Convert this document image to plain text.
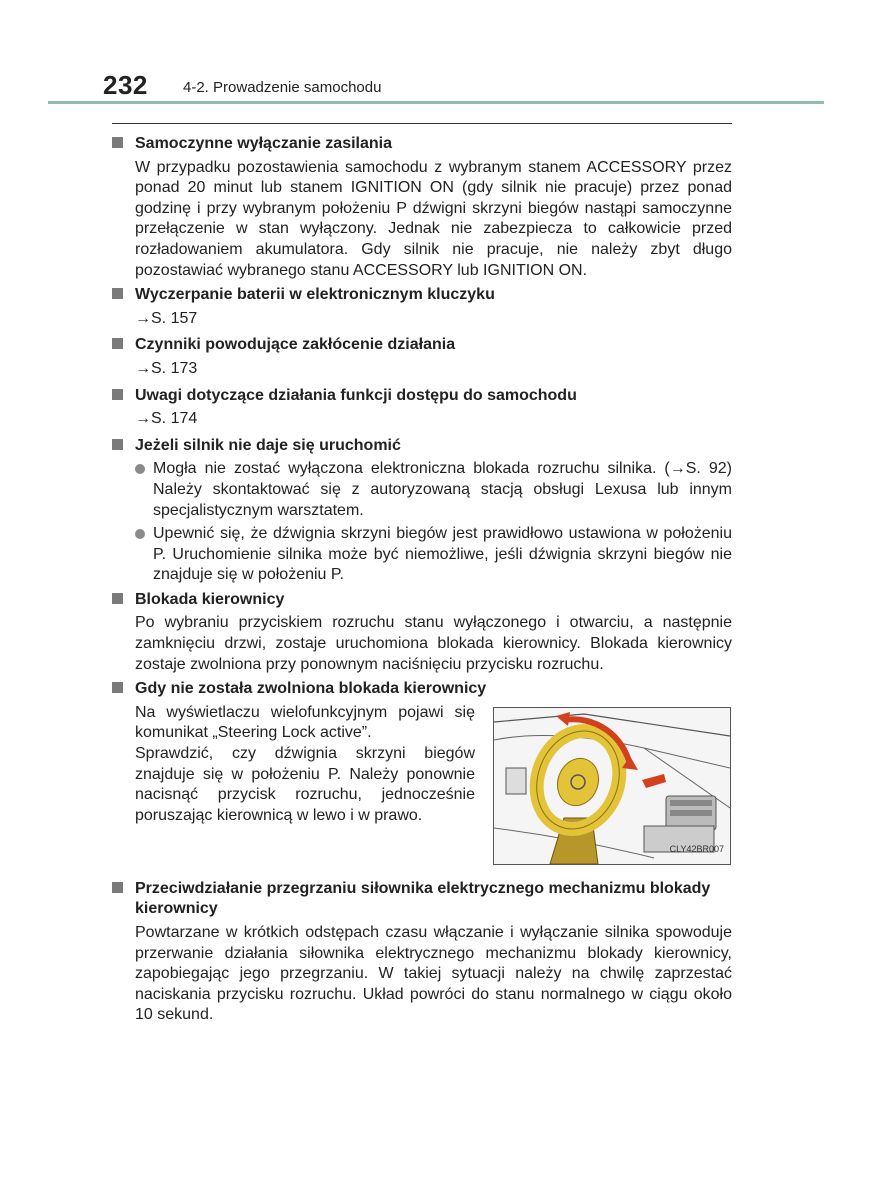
232 4-2. Prowadzenie samochodu
Samoczynne wyłączanie zasilania
W przypadku pozostawienia samochodu z wybranym stanem ACCESSORY przez ponad 20 minut lub stanem IGNITION ON (gdy silnik nie pracuje) przez ponad godzinę i przy wybranym położeniu P dźwigni skrzyni biegów nastąpi samoczynne przełączenie w stan wyłączony. Jednak nie zabezpiecza to całkowicie przed rozładowaniem akumulatora. Gdy silnik nie pracuje, nie należy zbyt długo pozostawiać wybranego stanu ACCESSORY lub IGNITION ON.
Wyczerpanie baterii w elektronicznym kluczyku
→S. 157
Czynniki powodujące zakłócenie działania
→S. 173
Uwagi dotyczące działania funkcji dostępu do samochodu
→S. 174
Jeżeli silnik nie daje się uruchomić
Mogła nie zostać wyłączona elektroniczna blokada rozruchu silnika. (→S. 92) Należy skontaktować się z autoryzowaną stacją obsługi Lexusa lub innym specjalistycznym warsztatem.
Upewnić się, że dźwignia skrzyni biegów jest prawidłowo ustawiona w położeniu P. Uruchomienie silnika może być niemożliwe, jeśli dźwignia skrzyni biegów nie znajduje się w położeniu P.
Blokada kierownicy
Po wybraniu przyciskiem rozruchu stanu wyłączonego i otwarciu, a następnie zamknięciu drzwi, zostaje uruchomiona blokada kierownicy. Blokada kierownicy zostaje zwolniona przy ponownym naciśnięciu przycisku rozruchu.
Gdy nie została zwolniona blokada kierownicy
Na wyświetlaczu wielofunkcyjnym pojawi się komunikat „Steering Lock active”.
Sprawdzić, czy dźwignia skrzyni biegów znajduje się w położeniu P. Należy ponownie nacisnąć przycisk rozruchu, jednocześnie poruszając kierownicą w lewo i w prawo.
CLY42BR007
Przeciwdziałanie przegrzaniu siłownika elektrycznego mechanizmu blokady kierownicy
Powtarzane w krótkich odstępach czasu włączanie i wyłączanie silnika spowoduje przerwanie działania siłownika elektrycznego mechanizmu blokady kierownicy, zapobiegając jego przegrzaniu. W takiej sytuacji należy na chwilę zaprzestać naciskania przycisku rozruchu. Układ powróci do stanu normalnego w ciągu około 10 sekund.
